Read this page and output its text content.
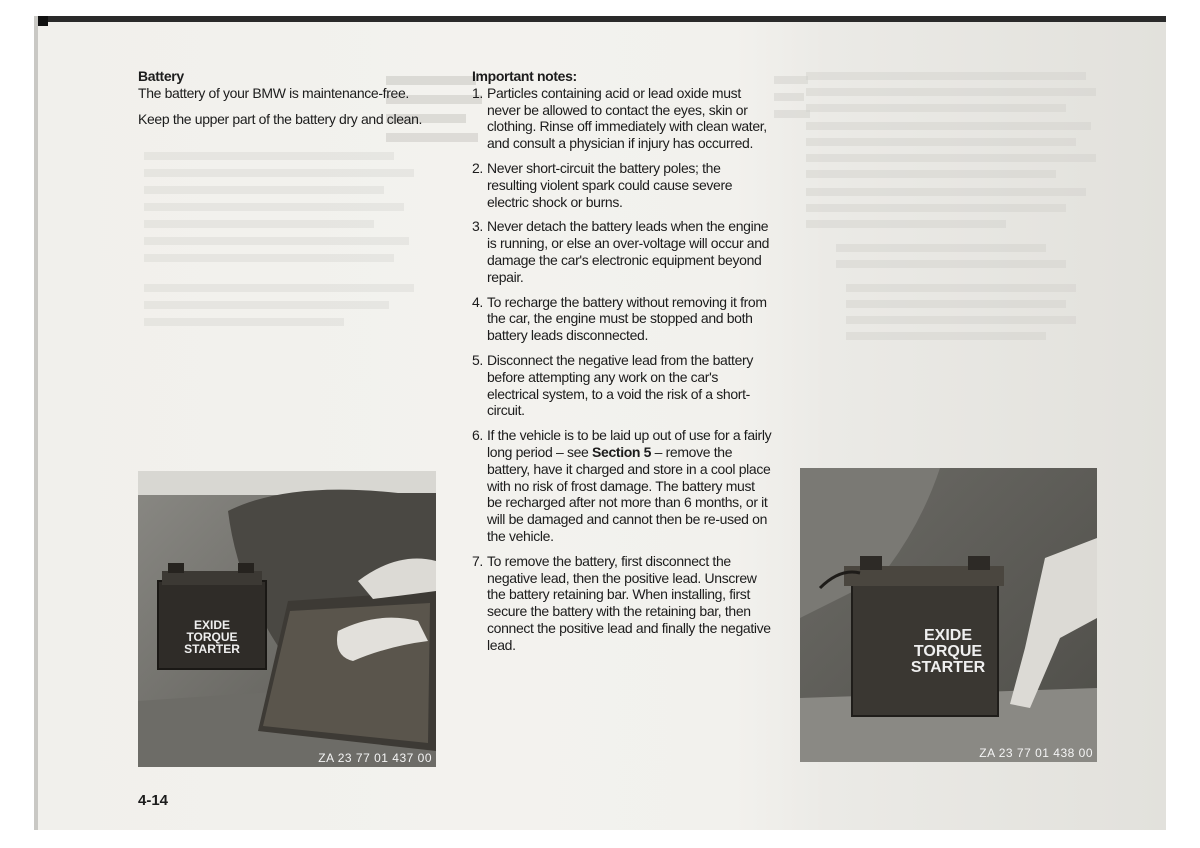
Battery

The battery of your BMW is maintenance-free.

Keep the upper part of the battery dry and clean.

Important notes:
1. Particles containing acid or lead oxide must never be allowed to contact the eyes, skin or clothing. Rinse off immediately with clean water, and consult a physician if injury has occurred.
2. Never short-circuit the battery poles; the resulting violent spark could cause severe electric shock or burns.
3. Never detach the battery leads when the engine is running, or else an over-voltage will occur and damage the car's electronic equipment beyond repair.
4. To recharge the battery without removing it from the car, the engine must be stopped and both battery leads disconnected.
5. Disconnect the negative lead from the battery before attempting any work on the car's electrical system, to a void the risk of a short-circuit.
6. If the vehicle is to be laid up out of use for a fairly long period – see Section 5 – remove the battery, have it charged and store in a cool place with no risk of frost damage. The battery must be recharged after not more than 6 months, or it will be damaged and cannot then be re-used on the vehicle.
7. To remove the battery, first disconnect the negative lead, then the positive lead. Unscrew the battery retaining bar. When installing, first secure the battery with the retaining bar, then connect the positive lead and finally the negative lead.
EXIDE TORQUE STARTER
ZA 23 77 01 437 00
EXIDE TORQUE STARTER
ZA 23 77 01 438 00
4-14
